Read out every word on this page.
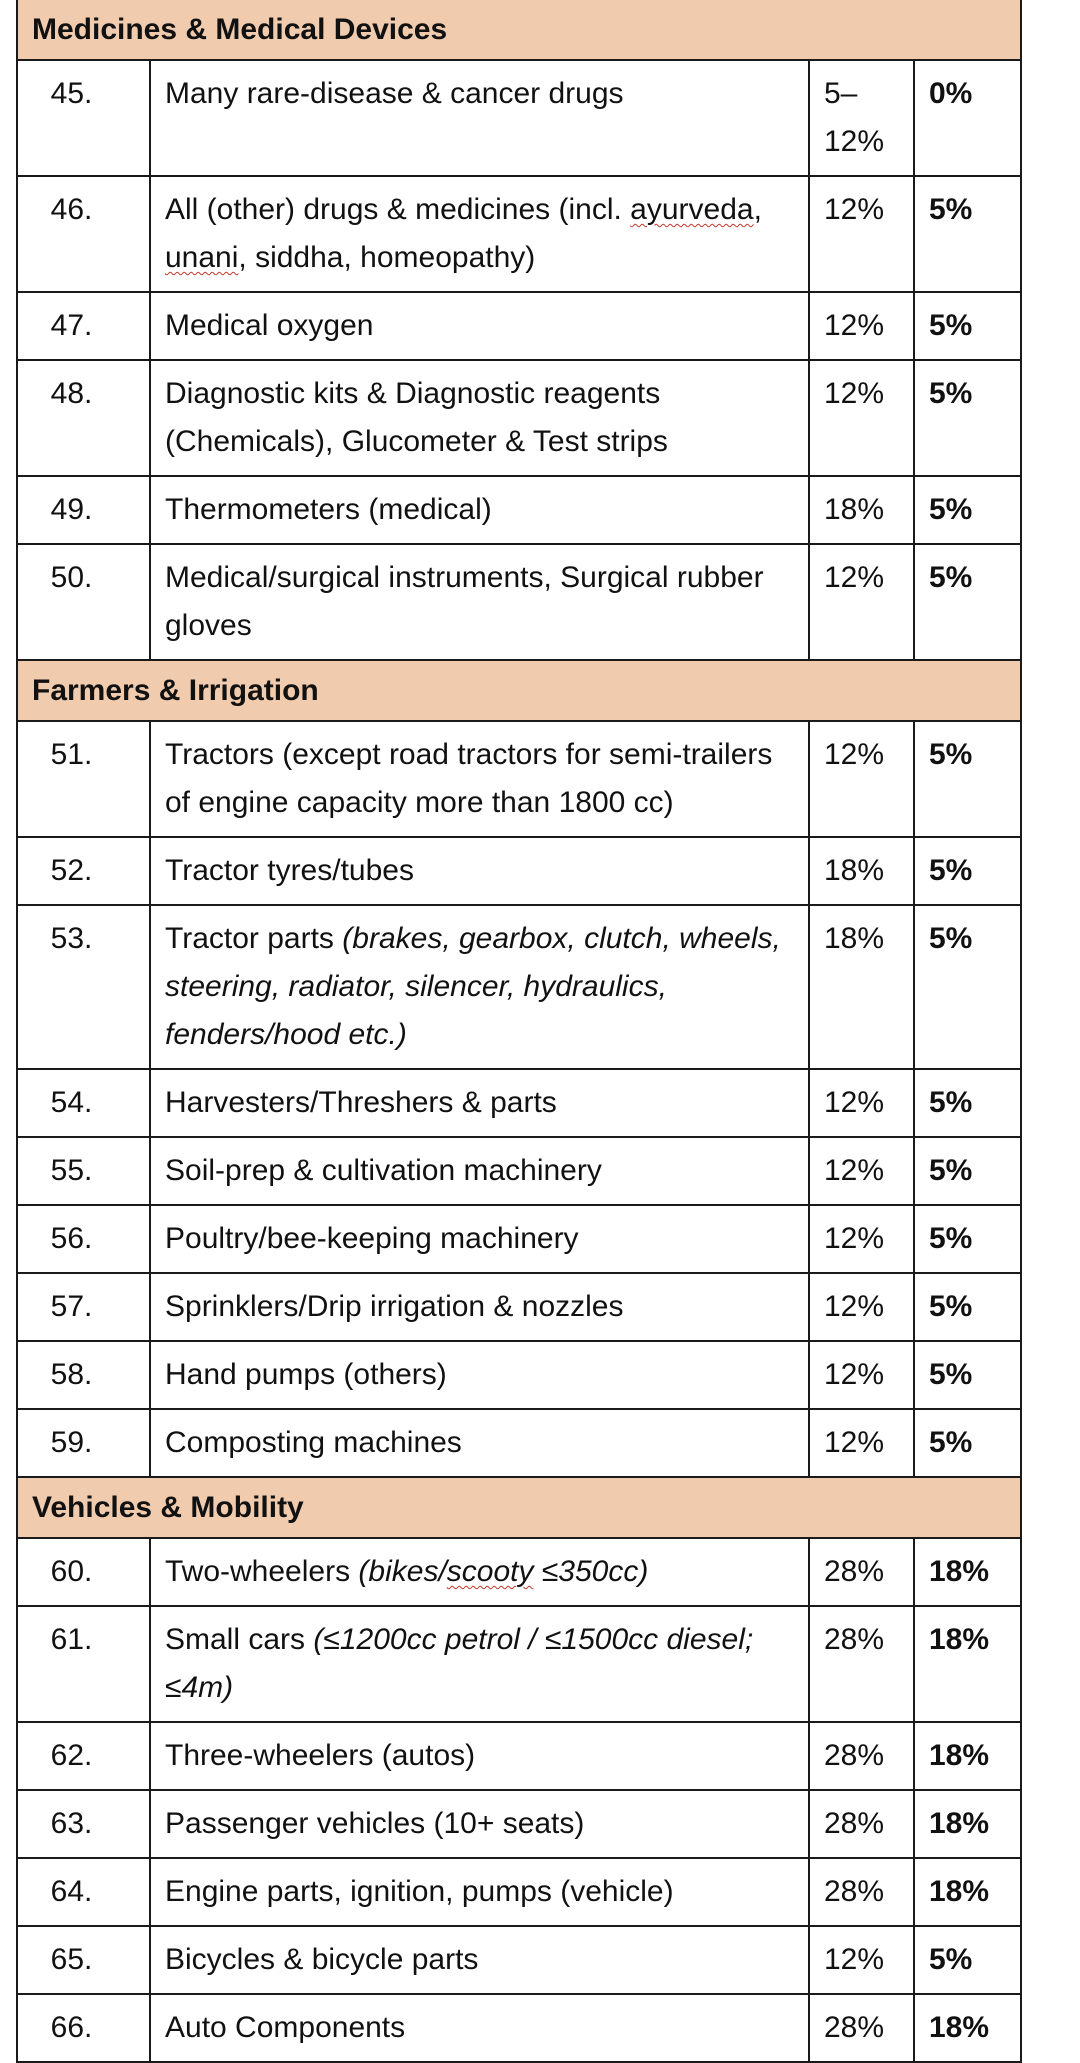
Medicines & Medical Devices			
45.	Many rare-disease & cancer drugs	5–12%	0%
46.	All (other) drugs & medicines (incl. ayurveda, unani, siddha, homeopathy)	12%	5%
47.	Medical oxygen	12%	5%
48.	Diagnostic kits & Diagnostic reagents (Chemicals), Glucometer & Test strips	12%	5%
49.	Thermometers (medical)	18%	5%
50.	Medical/surgical instruments, Surgical rubber gloves	12%	5%
Farmers & Irrigation			
51.	Tractors (except road tractors for semi-trailers of engine capacity more than 1800 cc)	12%	5%
52.	Tractor tyres/tubes	18%	5%
53.	Tractor parts (brakes, gearbox, clutch, wheels, steering, radiator, silencer, hydraulics, fenders/hood etc.)	18%	5%
54.	Harvesters/Threshers & parts	12%	5%
55.	Soil-prep & cultivation machinery	12%	5%
56.	Poultry/bee-keeping machinery	12%	5%
57.	Sprinklers/Drip irrigation & nozzles	12%	5%
58.	Hand pumps (others)	12%	5%
59.	Composting machines	12%	5%
Vehicles & Mobility			
60.	Two-wheelers (bikes/scooty ≤350cc)	28%	18%
61.	Small cars (≤1200cc petrol / ≤1500cc diesel; ≤4m)	28%	18%
62.	Three-wheelers (autos)	28%	18%
63.	Passenger vehicles (10+ seats)	28%	18%
64.	Engine parts, ignition, pumps (vehicle)	28%	18%
65.	Bicycles & bicycle parts	12%	5%
66.	Auto Components	28%	18%
